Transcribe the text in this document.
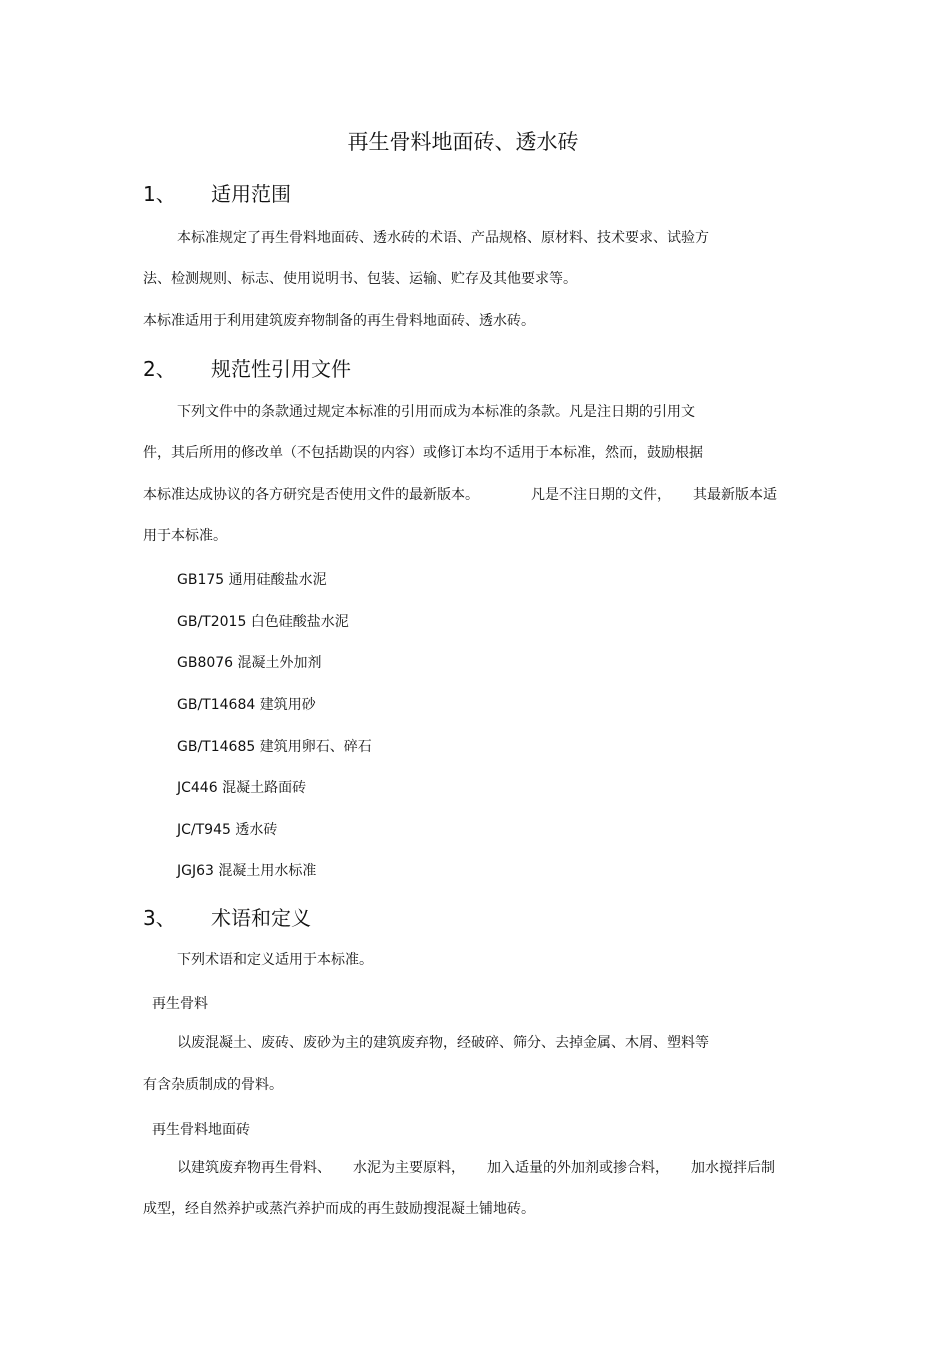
再生骨料地面砖、透水砖
1、 适用范围
本标准规定了再生骨料地面砖、透水砖的术语、产品规格、原材料、技术要求、试验方
法、检测规则、标志、使用说明书、包装、运输、贮存及其他要求等。
本标准适用于利用建筑废弃物制备的再生骨料地面砖、透水砖。
2、 规范性引用文件
下列文件中的条款通过规定本标准的引用而成为本标准的条款。凡是注日期的引用文
件，其后所用的修改单（不包括勘误的内容）或修订本均不适用于本标准，然而，鼓励根据
本标准达成协议的各方研究是否使用文件的最新版本。	凡是不注日期的文件， 其最新版本适
用于本标准。
GB175 通用硅酸盐水泥
GB/T2015 白色硅酸盐水泥
GB8076 混凝土外加剂
GB/T14684 建筑用砂
GB/T14685 建筑用卵石、碎石
JC446 混凝土路面砖
JC/T945 透水砖
JGJ63 混凝土用水标准
3、 术语和定义
下列术语和定义适用于本标准。
再生骨料
以废混凝土、废砖、废砂为主的建筑废弃物，经破碎、筛分、去掉金属、木屑、塑料等
有含杂质制成的骨料。
再生骨料地面砖
以建筑废弃物再生骨料、 水泥为主要原料， 加入适量的外加剂或掺合料， 加水搅拌后制
成型，经自然养护或蒸汽养护而成的再生鼓励搜混凝土铺地砖。
